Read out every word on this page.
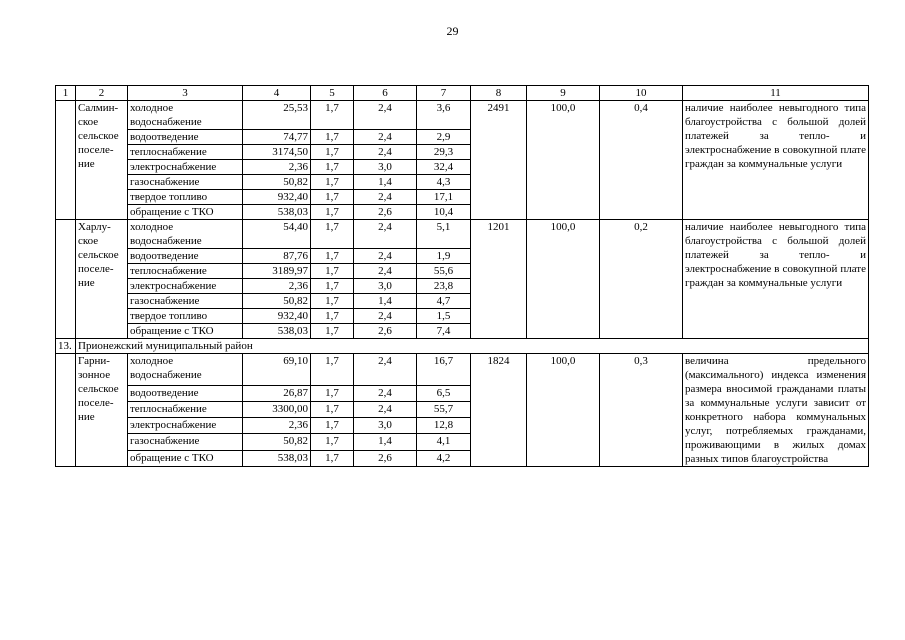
29
1	2	3	4	5	6	7	8	9	10	11
	Салмин-ское сельское поселе-ние	холодное водоснабжение	25,53	1,7	2,4	3,6	2491	100,0	0,4	наличие наиболее невыгодного типа благоустройства с большой долей платежей за тепло- и электроснабжение в совокупной плате граждан за коммунальные услуги
		водоотведение	74,77	1,7	2,4	2,9				
		теплоснабжение	3174,50	1,7	2,4	29,3				
		электроснабжение	2,36	1,7	3,0	32,4				
		газоснабжение	50,82	1,7	1,4	4,3				
		твердое топливо	932,40	1,7	2,4	17,1				
		обращение с ТКО	538,03	1,7	2,6	10,4				
	Харлу-ское сельское поселе-ние	холодное водоснабжение	54,40	1,7	2,4	5,1	1201	100,0	0,2	наличие наиболее невыгодного типа благоустройства с большой долей платежей за тепло- и электроснабжение в совокупной плате граждан за коммунальные услуги
		водоотведение	87,76	1,7	2,4	1,9				
		теплоснабжение	3189,97	1,7	2,4	55,6				
		электроснабжение	2,36	1,7	3,0	23,8				
		газоснабжение	50,82	1,7	1,4	4,7				
		твердое топливо	932,40	1,7	2,4	1,5				
		обращение с ТКО	538,03	1,7	2,6	7,4				
13.	Прионежский муниципальный район									
	Гарни-зонное сельское поселе-ние	холодное водоснабжение	69,10	1,7	2,4	16,7	1824	100,0	0,3	величина предельного (максимального) индекса изменения размера вносимой гражданами платы за коммунальные услуги зависит от конкретного набора коммунальных услуг, потребляемых гражданами, проживающими в жилых домах разных типов благоустройства
		водоотведение	26,87	1,7	2,4	6,5				
		теплоснабжение	3300,00	1,7	2,4	55,7				
		электроснабжение	2,36	1,7	3,0	12,8				
		газоснабжение	50,82	1,7	1,4	4,1				
		обращение с ТКО	538,03	1,7	2,6	4,2				
